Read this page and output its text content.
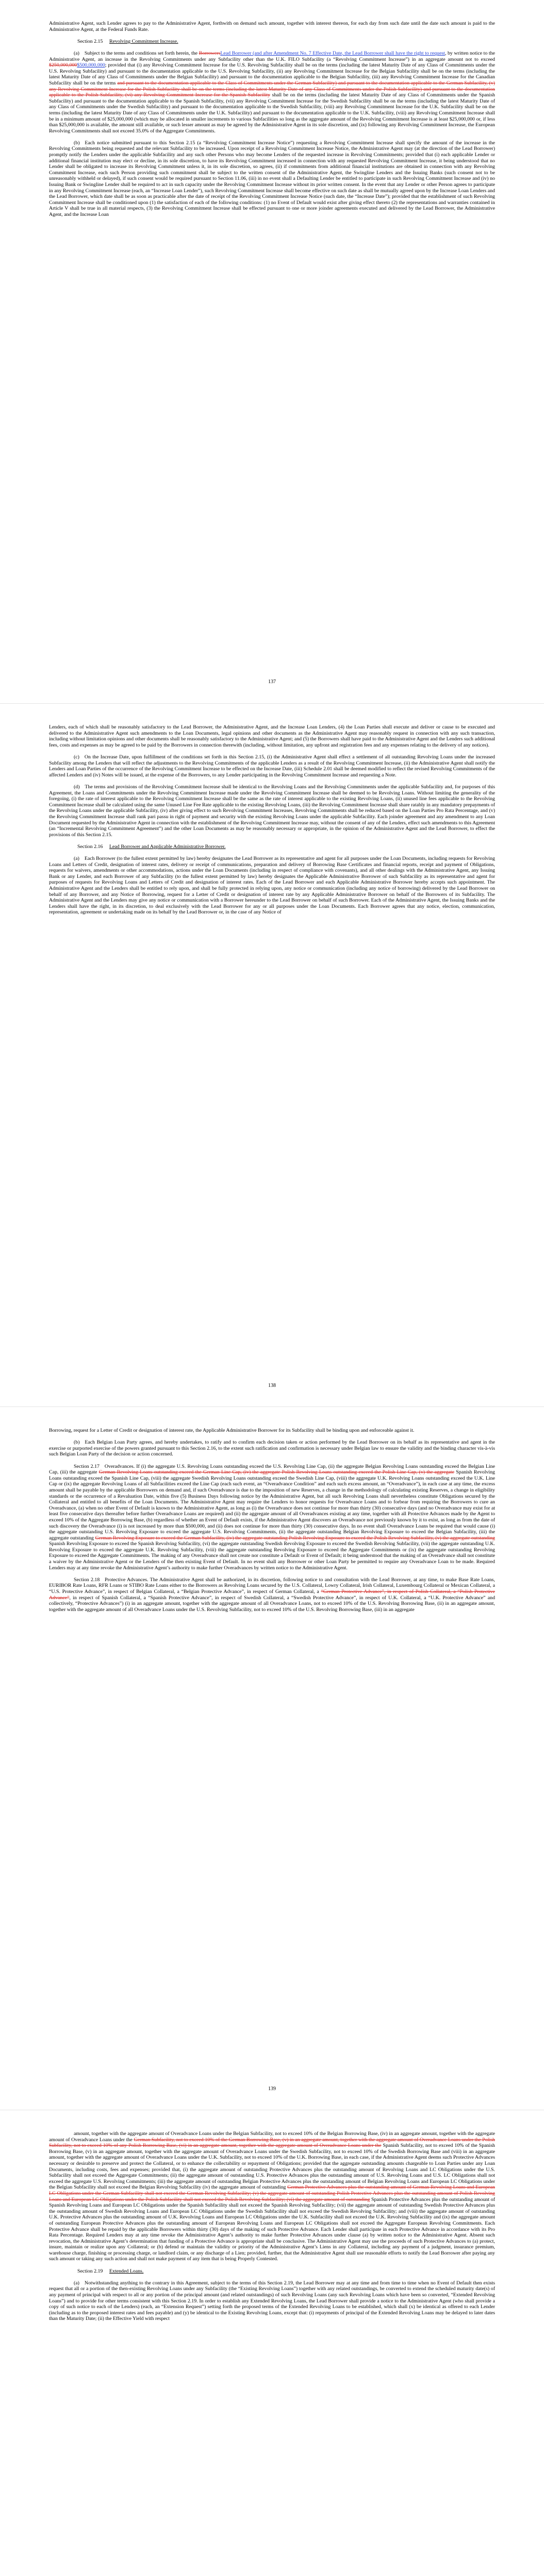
Administrative Agent, such Lender agrees to pay to the Administrative Agent, forthwith on demand such amount, together with interest thereon, for each day from such date until the date such amount is paid to the Administrative Agent, at the Federal Funds Rate.

Section 2.15 Revolving Commitment Increase.

(a) Subject to the terms and conditions set forth herein, the BorrowersLead Borrower (and after Amendment No. 7 Effective Date, the Lead Borrower shall have the right to request, by written notice to the Administrative Agent, an increase in the Revolving Commitments under any Subfacility other than the U.K. FILO Subfacility (a “Revolving Commitment Increase”) in an aggregate amount not to exceed $250,000,000$500,000,000; provided that (i) any Revolving Commitment Increase for the U.S. Revolving Subfacility shall be on the terms (including the latest Maturity Date of any Class of Commitments under the U.S. Revolving Subfacility) and pursuant to the documentation applicable to the U.S. Revolving Subfacility, (ii) any Revolving Commitment Increase for the Belgian Subfacility shall be on the terms (including the latest Maturity Date of any Class of Commitments under the Belgian Subfacility) and pursuant to the documentation applicable to the Belgian Subfacility, (iii) any Revolving Commitment Increase for the Canadian Subfacility shall be on the terms and pursuant to the documentation applicable to the Class of Commitments under the German Subfacility) and pursuant to the documentation applicable to the German Subfacility, (v) any Revolving Commitment Increase for the Polish Subfacility shall be on the terms (including the latest Maturity Date of any Class of Commitments under the Polish Subfacility) and pursuant to the documentation applicable to the Polish Subfacility, (vi) any Revolving Commitment Increase for the Spanish Subfacility shall be on the terms (including the latest Maturity Date of any Class of Commitments under the Spanish Subfacility) and pursuant to the documentation applicable to the Spanish Subfacility, (vii) any Revolving Commitment Increase for the Swedish Subfacility shall be on the terms (including the latest Maturity Date of any Class of Commitments under the Swedish Subfacility) and pursuant to the documentation applicable to the Swedish Subfacility, (viii) any Revolving Commitment Increase for the U.K. Subfacility shall be on the terms (including the latest Maturity Date of any Class of Commitments under the U.K. Subfacility) and pursuant to the documentation applicable to the U.K. Subfacility, (viii) any Revolving Commitment Increase shall be in a minimum amount of $25,000,000 (which may be allocated in smaller increments to various Subfacilities so long as the aggregate amount of the Revolving Commitment Increase is at least $25,000,000 or, if less than $25,000,000 is available, the amount still available, or such lesser amount as may be agreed by the Administrative Agent in its sole discretion, and (ix) following any Revolving Commitment Increase, the European Revolving Commitments shall not exceed 35.0% of the Aggregate Commitments.

(b) Each notice submitted pursuant to this Section 2.15 (a “Revolving Commitment Increase Notice”) requesting a Revolving Commitment Increase shall specify the amount of the increase in the Revolving Commitments being requested and the relevant Subfacility to be increased. Upon receipt of a Revolving Commitment Increase Notice, the Administrative Agent may (at the direction of the Lead Borrower) promptly notify the Lenders under the applicable Subfacility and any such other Persons who may become Lenders of the requested increase in Revolving Commitments; provided that (i) each applicable Lender or additional financial institution may elect or decline, in its sole discretion, to have its Revolving Commitment increased in connection with any requested Revolving Commitment Increase, it being understood that no Lender shall be obligated to increase its Revolving Commitment unless it, in its sole discretion, so agrees, (ii) if commitments from additional financial institutions are obtained in connection with any Revolving Commitment Increase, each such Person providing such commitment shall be subject to the written consent of the Administrative Agent, the Swingline Lenders and the Issuing Banks (such consent not to be unreasonably withheld or delayed), if such consent would be required pursuant to Section 11.06, (iii) in no event shall a Defaulting Lender be entitled to participate in such Revolving Commitment Increase and (iv) no Issuing Bank or Swingline Lender shall be required to act in such capacity under the Revolving Commitment Increase without its prior written consent. In the event that any Lender or other Person agrees to participate in any Revolving Commitment Increase (each, an “Increase Loan Lender”), such Revolving Commitment Increase shall become effective on such date as shall be mutually agreed upon by the Increase Loan Lenders and the Lead Borrower, which date shall be as soon as practicable after the date of receipt of the Revolving Commitment Increase Notice (such date, the “Increase Date”); provided that the establishment of such Revolving Commitment Increase shall be conditioned upon (1) the satisfaction of each of the following conditions: (1) no Event of Default would exist after giving effect thereto (2) the representations and warranties contained in Article V shall be true in all material respects, (3) the Revolving Commitment Increase shall be effected pursuant to one or more joinder agreements executed and delivered by the Lead Borrower, the Administrative Agent, and the Increase Loan

137

Lenders, each of which shall be reasonably satisfactory to the Lead Borrower, the Administrative Agent, and the Increase Loan Lenders, (4) the Loan Parties shall execute and deliver or cause to be executed and delivered to the Administrative Agent such amendments to the Loan Documents, legal opinions and other documents as the Administrative Agent may reasonably request in connection with any such transaction, including without limitation opinions and other documents shall be reasonably satisfactory to the Administrative Agent; and (5) the Borrowers shall have paid to the Administrative Agent and the Lenders such additional fees, costs and expenses as may be agreed to be paid by the Borrowers in connection therewith (including, without limitation, any upfront and registration fees and any expenses relating to the delivery of any notices).

(c) On the Increase Date, upon fulfillment of the conditions set forth in this Section 2.15, (i) the Administrative Agent shall effect a settlement of all outstanding Revolving Loans under the increased Subfacility among the Lenders that will reflect the adjustments to the Revolving Commitments of the applicable Lenders as a result of the Revolving Commitment Increase, (ii) the Administrative Agent shall notify the Lenders and Loan Parties of the occurrence of the Revolving Commitment Increase to be effected on the Increase Date, (iii) Schedule 2.01 shall be deemed modified to reflect the revised Revolving Commitments of the affected Lenders and (iv) Notes will be issued, at the expense of the Borrowers, to any Lender participating in the Revolving Commitment Increase and requesting a Note.

(d) The terms and provisions of the Revolving Commitment Increase shall be identical to the Revolving Loans and the Revolving Commitments under the applicable Subfacility and, for purposes of this Agreement, the Loans and Commitments under the Revolving Commitment Increase made under the Revolving Commitment Increase shall be deemed to be Revolving Loans. Without limiting the generality of the foregoing, (i) the rate of interest applicable to the Revolving Commitment Increase shall be the same as the rate of interest applicable to the existing Revolving Loans, (ii) unused line fees applicable to the Revolving Commitment Increase shall be calculated using the same Unused Line Fee Rate applicable to the existing Revolving Loans, (iii) the Revolving Commitment Increase shall share ratably in any mandatory prepayments of the Revolving Loans under the applicable Subfacility, (iv) after giving effect to such Revolving Commitment Increases, Revolving Commitments shall be reduced based on the Loan Parties Pro Rata Percentage, and (v) the Revolving Commitment Increase shall rank pari passu in right of payment and security with the existing Revolving Loans under the applicable Subfacility. Each joinder agreement and any amendment to any Loan Document requested by the Administrative Agent in connection with the establishment of the Revolving Commitment Increase may, without the consent of any of the Lenders, effect such amendments to this Agreement (an “Incremental Revolving Commitment Agreement”) and the other Loan Documents as may be reasonably necessary or appropriate, in the opinion of the Administrative Agent and the Lead Borrower, to effect the provisions of this Section 2.15.

Section 2.16 Lead Borrower and Applicable Administrative Borrower.

(a) Each Borrower (to the fullest extent permitted by law) hereby designates the Lead Borrower as its representative and agent for all purposes under the Loan Documents, including requests for Revolving Loans and Letters of Credit, designation of interest rates, delivery or receipt of communications, preparation and delivery of Borrowing Base Certificates and financial reports, receipt and payment of Obligations, requests for waivers, amendments or other accommodations, actions under the Loan Documents (including in respect of compliance with covenants), and all other dealings with the Administrative Agent, any Issuing Bank or any Lender, and each Borrower of any Subfacility (to the fullest extent permitted by law) hereby designates the Applicable Administrative Borrower of such Subfacility as its representative and agent for purposes of requests for Revolving Loans and Letters of Credit and designation of interest rates. Each of the Lead Borrower and each Applicable Administrative Borrower hereby accepts such appointment. The Administrative Agent and the Lenders shall be entitled to rely upon, and shall be fully protected in relying upon, any notice or communication (including any notice of borrowing) delivered by the Lead Borrower on behalf of any Borrower, and any Notice of Borrowing, request for a Letter of Credit or designation of interest rate by any Applicable Administrative Borrower on behalf of the Borrowers of its Subfacility. The Administrative Agent and the Lenders may give any notice or communication with a Borrower hereunder to the Lead Borrower on behalf of such Borrower. Each of the Administrative Agent, the Issuing Banks and the Lenders shall have the right, in its discretion, to deal exclusively with the Lead Borrower for any or all purposes under the Loan Documents. Each Borrower agrees that any notice, election, communication, representation, agreement or undertaking made on its behalf by the Lead Borrower or, in the case of any Notice of

138

Borrowing, request for a Letter of Credit or designation of interest rate, the Applicable Administrative Borrower for its Subfacility shall be binding upon and enforceable against it.

(b) Each Belgian Loan Party agrees, and hereby undertakes, to ratify and to confirm each decision taken or action performed by the Lead Borrower on its behalf as its representative and agent in the exercise or purported exercise of the powers granted pursuant to this Section 2.16, to the extent such ratification and confirmation is necessary under Belgian law to ensure the validity and the binding character vis-à-vis such Belgian Loan Party of the decision or action concerned.

Section 2.17 Overadvances. If (i) the aggregate U.S. Revolving Loans outstanding exceed the U.S. Revolving Line Cap, (ii) the aggregate Belgian Revolving Loans outstanding exceed the Belgian Line Cap, (iii) the aggregate German Revolving Loans outstanding exceed the German Line Cap, (iv) the aggregate Polish Revolving Loans outstanding exceed the Polish Line Cap, (v) the aggregate Spanish Revolving Loans outstanding exceed the Spanish Line Cap, (viii) the aggregate Swedish Revolving Loans outstanding exceed the Swedish Line Cap, (viii) the aggregate U.K. Revolving Loans outstanding exceed the U.K. Line Cap or (ix) the aggregate Revolving Loans of all Subfacilities exceed the Line Cap (each such event, an “Overadvance Condition” and each such excess amount, an “Overadvance”), in each case at any time, the excess amount shall be payable by the applicable Borrowers on demand and, if such Overadvance is due to the imposition of new Reserves, a change in the methodology of calculating existing Reserves, a change in eligibility standards or the occurrence of a Revaluation Date, within five (5) Business Days following notice by the Administrative Agent, but all such Revolving Loans shall nevertheless constitute Obligations secured by the Collateral and entitled to all benefits of the Loan Documents. The Administrative Agent may require the Lenders to honor requests for Overadvance Loans and to forbear from requiring the Borrowers to cure an Overadvance, (a) when no other Event of Default is known to the Administrative Agent, as long as (i) the Overadvance does not continue for more than thirty (30) consecutive days (and no Overadvance may exist for at least five consecutive days thereafter before further Overadvance Loans are required) and (ii) the aggregate amount of all Overadvances existing at any time, together with all Protective Advances made by the Agent to exceed 10% of the Aggregate Borrowing Base, (b) regardless of whether an Event of Default exists, if the Administrative Agent discovers an Overadvance not previously known by it to exist, as long as from the date of such discovery the Overadvance (i) is not increased by more than $500,000, and (ii) does not continue for more than thirty (30) consecutive days. In no event shall Overadvance Loans be required that would cause (i) the aggregate outstanding U.S. Revolving Exposure to exceed the aggregate U.S. Revolving Commitments, (ii) the aggregate outstanding Belgian Revolving Exposure to exceed the Belgian Subfacility, (iii) the aggregate outstanding German Revolving Exposure to exceed the German Subfacility, (iv) the aggregate outstanding Polish Revolving Exposure to exceed the Polish Revolving Subfacility, (v) the aggregate outstanding Spanish Revolving Exposure to exceed the Spanish Revolving Subfacility, (vi) the aggregate outstanding Swedish Revolving Exposure to exceed the Swedish Revolving Subfacility, (vii) the aggregate outstanding U.K. Revolving Exposure to exceed the aggregate U.K. Revolving Subfacility, (viii) the aggregate outstanding Revolving Exposure to exceed the Aggregate Commitments or (ix) the aggregate outstanding Revolving Exposure to exceed the Aggregate Commitments. The making of any Overadvance shall not create nor constitute a Default or Event of Default; it being understood that the making of an Overadvance shall not constitute a waiver by the Administrative Agent or the Lenders of the then existing Event of Default. In no event shall any Borrower or other Loan Party be permitted to require any Overadvance Loan to be made. Required Lenders may at any time revoke the Administrative Agent’s authority to make further Overadvances by written notice to the Administrative Agent.

Section 2.18 Protective Advances. The Administrative Agent shall be authorized, in its discretion, following notice to and consultation with the Lead Borrower, at any time, to make Base Rate Loans, EURIBOR Rate Loans, RFR Loans or STIBO Rate Loans either to the Borrowers as Revolving Loans secured by the U.S. Collateral, Lowry Collateral, Irish Collateral, Luxembourg Collateral or Mexican Collateral, a “U.S. Protective Advance”, in respect of Belgian Collateral, a “Belgian Protective Advance”, in respect of German Collateral, a “German Protective Advance”, in respect of Polish Collateral, a “Polish Protective Advance”, in respect of Spanish Collateral, a “Spanish Protective Advance”, in respect of Swedish Collateral, a “Swedish Protective Advance”, in respect of U.K. Collateral, a “U.K. Protective Advance” and collectively, “Protective Advances”) (i) in an aggregate amount, together with the aggregate amount of all Overadvance Loans, not to exceed 10% of the U.S. Revolving Borrowing Base, (ii) in an aggregate amount, together with the aggregate amount of all Overadvance Loans under the U.S. Revolving Subfacility, not to exceed 10% of the U.S. Revolving Borrowing Base, (iii) in an aggregate

139

amount, together with the aggregate amount of Overadvance Loans under the Belgian Subfacility, not to exceed 10% of the Belgian Borrowing Base, (iv) in an aggregate amount, together with the aggregate amount of Overadvance Loans under the German Subfacility, not to exceed 10% of the German Borrowing Base, (v) in an aggregate amount, together with the aggregate amount of Overadvance Loans under the Polish Subfacility, not to exceed 10% of any Polish Borrowing Base, (vi) in an aggregate amount, together with the aggregate amount of Overadvance Loans under the Spanish Subfacility, not to exceed 10% of the Spanish Borrowing Base, (v) in an aggregate amount, together with the aggregate amount of Overadvance Loans under the Swedish Subfacility, not to exceed 10% of the Swedish Borrowing Base and (viii) in an aggregate amount, together with the aggregate amount of Overadvance Loans under the U.K. Subfacility, not to exceed 10% of the U.K. Borrowing Base, in each case, if the Administrative Agent deems such Protective Advances necessary or desirable to preserve and protect the Collateral, or to enhance the collectability or repayment of Obligations; provided that the aggregate outstanding amounts chargeable to Loan Parties under any Loan Documents, including costs, fees and expenses; provided that, (i) the aggregate amount of outstanding Protective Advances plus the outstanding amount of Revolving Loans and LC Obligations under the U.S. Subfacility shall not exceed the Aggregate Commitments; (ii) the aggregate amount of outstanding U.S. Protective Advances plus the outstanding amount of U.S. Revolving Loans and U.S. LC Obligations shall not exceed the aggregate U.S. Revolving Commitments; (iii) the aggregate amount of outstanding Belgian Protective Advances plus the outstanding amount of Belgian Revolving Loans and European LC Obligations under the Belgian Subfacility shall not exceed the Belgian Revolving Subfacility (iv) the aggregate amount of outstanding German Protective Advances plus the outstanding amount of German Revolving Loans and European LC Obligations under the German Subfacility shall not exceed the German Revolving Subfacility; (v) the aggregate amount of outstanding Polish Protective Advances plus the outstanding amount of Polish Revolving Loans and European LC Obligations under the Polish Subfacility shall not exceed the Polish Revolving Subfacility; (vi) the aggregate amount of outstanding Spanish Protective Advances plus the outstanding amount of Spanish Revolving Loans and European LC Obligations under the Spanish Subfacility shall not exceed the Spanish Revolving Subfacility; (vii) the aggregate amount of outstanding Swedish Protective Advances plus the outstanding amount of Swedish Revolving Loans and European LC Obligations under the Swedish Subfacility shall not exceed the Swedish Revolving Subfacility; and (viii) the aggregate amount of outstanding U.K. Protective Advances plus the outstanding amount of U.K. Revolving Loans and European LC Obligations under the U.K. Subfacility shall not exceed the U.K. Revolving Subfacility and (ix) the aggregate amount of outstanding European Protective Advances plus the outstanding amount of European Revolving Loans and European LC Obligations shall not exceed the Aggregate European Revolving Commitments. Each Protective Advance shall be repaid by the applicable Borrowers within thirty (30) days of the making of such Protective Advance. Each Lender shall participate in each Protective Advance in accordance with its Pro Rata Percentage. Required Lenders may at any time revoke the Administrative Agent’s authority to make further Protective Advances under clause (a) by written notice to the Administrative Agent. Absent such revocation, the Administrative Agent’s determination that funding of a Protective Advance is appropriate shall be conclusive. The Administrative Agent may use the proceeds of such Protective Advances to (a) protect, insure, maintain or realize upon any Collateral; or (b) defend or maintain the validity or priority of the Administrative Agent’s Liens in any Collateral, including any payment of a judgment, insurance premium, warehouse charge, finishing or processing charge, or landlord claim, or any discharge of a Lien; provided, further, that the Administrative Agent shall use reasonable efforts to notify the Lead Borrower after paying any such amount or taking any such action and shall not make payment of any item that is being Properly Contested.

Section 2.19 Extended Loans.

(a) Notwithstanding anything to the contrary in this Agreement, subject to the terms of this Section 2.19, the Lead Borrower may at any time and from time to time when no Event of Default then exists request that all or a portion of the then-existing Revolving Loans under any Subfacility (the “Existing Revolving Loans”) together with any related outstandings, be converted to extend the scheduled maturity date(s) of any payment of principal with respect to all or any portion of the principal amount (and related outstandings) of such Revolving Loans (any such Revolving Loans which have been so converted, “Extended Revolving Loans”) and to provide for other terms consistent with this Section 2.19. In order to establish any Extended Revolving Loans, the Lead Borrower shall provide a notice to the Administrative Agent (who shall provide a copy of such notice to each of the Lenders) (each, an “Extension Request”) setting forth the proposed terms of the Extended Revolving Loans to be established, which shall (x) be identical as offered to each Lender (including as to the proposed interest rates and fees payable) and (y) be identical to the Existing Revolving Loans, except that: (i) repayments of principal of the Extended Revolving Loans may be delayed to later dates than the Maturity Date; (ii) the Effective Yield with respect
